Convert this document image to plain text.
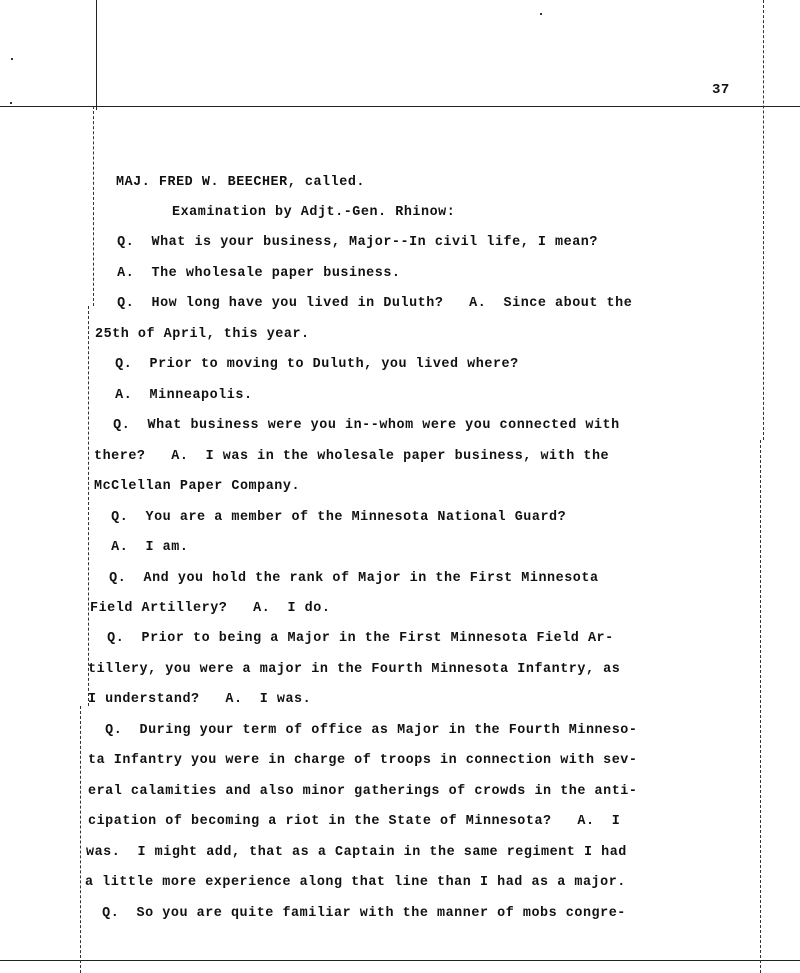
37
MAJ. FRED W. BEECHER, called.
Examination by Adjt.-Gen. Rhinow:
Q.  What is your business, Major--In civil life, I mean?
A.  The wholesale paper business.
Q.  How long have you lived in Duluth?   A.  Since about the
25th of April, this year.
Q.  Prior to moving to Duluth, you lived where?
A.  Minneapolis.
Q.  What business were you in--whom were you connected with
there?   A.  I was in the wholesale paper business, with the
McClellan Paper Company.
Q.  You are a member of the Minnesota National Guard?
A.  I am.
Q.  And you hold the rank of Major in the First Minnesota
Field Artillery?   A.  I do.
Q.  Prior to being a Major in the First Minnesota Field Ar-
tillery, you were a major in the Fourth Minnesota Infantry, as
I understand?   A.  I was.
Q.  During your term of office as Major in the Fourth Minneso-
ta Infantry you were in charge of troops in connection with sev-
eral calamities and also minor gatherings of crowds in the anti-
cipation of becoming a riot in the State of Minnesota?   A.  I
was.  I might add, that as a Captain in the same regiment I had
a little more experience along that line than I had as a major.
Q.  So you are quite familiar with the manner of mobs congre-
